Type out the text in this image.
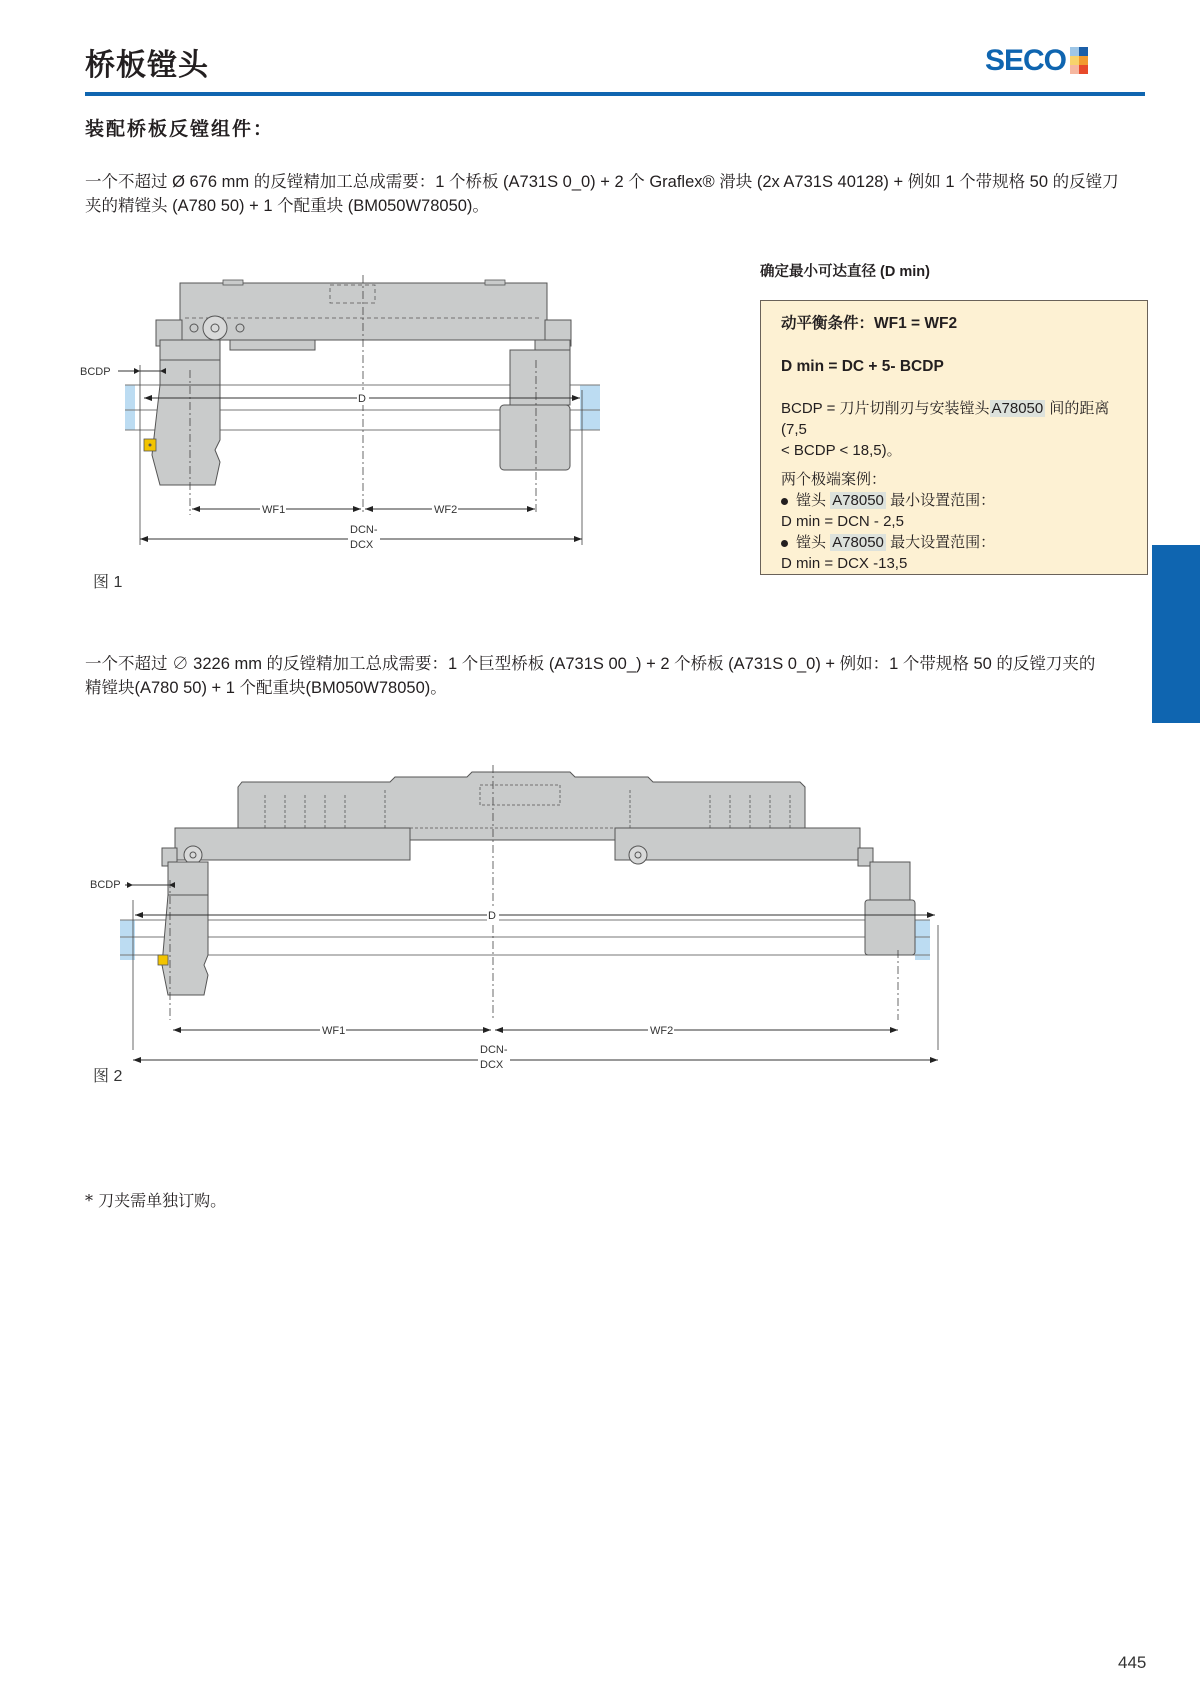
桥板镗头	SECO
装配桥板反镗组件：
一个不超过 Ø 676 mm 的反镗精加工总成需要：1 个桥板 (A731S 0_0) + 2 个 Graflex® 滑块 (2x A731S 40128) + 例如 1 个带规格 50 的反镗刀
夹的精镗头 (A780 50) + 1 个配重块 (BM050W78050)。
BCDP
D
WF1	WF2
DCN-
DCX
图 1
确定最小可达直径 (D min)

动平衡条件：WF1 = WF2

D min = DC + 5- BCDP

BCDP = 刀片切削刃与安装镗头 A78050 间的距离 (7,5
< BCDP < 18,5)。

两个极端案例：

镗头 A78050 最小设置范围：

D min = DCN - 2,5

镗头 A78050 最大设置范围：

D min = DCX -13,5

一个不超过 ∅ 3226 mm 的反镗精加工总成需要：1 个巨型桥板 (A731S 00_) + 2 个桥板 (A731S 0_0) + 例如：1 个带规格 50 的反镗刀夹的
精镗块(A780 50) + 1 个配重块(BM050W78050)。
BCDP
D
WF1	WF2
DCN-
DCX
图 2
* 刀夹需单独订购。
445
